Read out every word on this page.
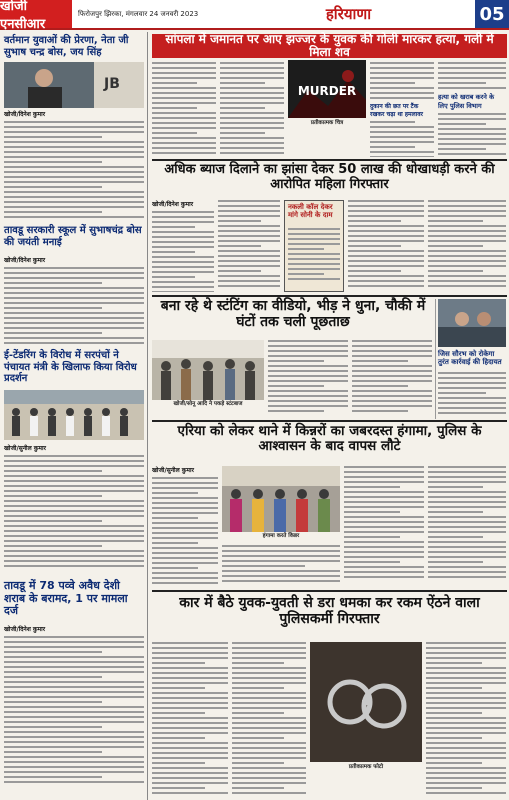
खोजी एनसीआर
फिरोजपुर झिरका, मंगलवार 24 जनवरी 2023	हरियाणा	05
वर्तमान युवाओं की प्रेरणा, नेता जी सुभाष चन्द्र बोस, जय सिंह
JB
खोजी/दिनेश कुमार
तावडू सरकारी स्कूल में सुभाषचंद्र बोस की जयंती मनाई
खोजी/दिनेश कुमार
ई-टेंडरिंग के विरोध में सरपंचों ने पंचायत मंत्री के खिलाफ किया विरोध प्रदर्शन
खोजी/सुनील कुमार
तावडू में 78 पव्वे अवैध देशी शराब के बरामद, 1 पर मामला दर्ज
खोजी/दिनेश कुमार
सांपला में जमानत पर आए झज्जर के युवक की गोली मारकर हत्या, गली में मिला शव
MURDER
प्रतीकात्मक चित्र
दुकान की छत पर टैंक रखकर चढ़ा था हमलावर
हत्या को खराब करने के लिए पुलिस विभाग
अधिक ब्याज दिलाने का झांसा देकर 50 लाख की धोखाधड़ी करने की आरोपित महिला गिरफ्तार
खोजी/दिनेश कुमार	नकली कॉल देकर मांगे सोनी के दाम
बना रहे थे स्टंटिंग का वीडियो, भीड़ ने धुना, चौकी में घंटों तक चली पूछताछ
खोजी/सोनू आदि ने पकड़े स्टंटबाज
जिस सौरभ को रोकेगा तुरंत कार्रवाई की हिदायत
एरिया को लेकर थाने में किन्नरों का जबरदस्त हंगामा, पुलिस के आश्वासन के बाद वापस लौटे
खोजी/सुनील कुमार
हंगामा करते किन्नर
कार में बैठे युवक-युवती से डरा धमका कर रकम ऐंठने वाला पुलिसकर्मी गिरफ्तार
प्रतीकात्मक फोटो
